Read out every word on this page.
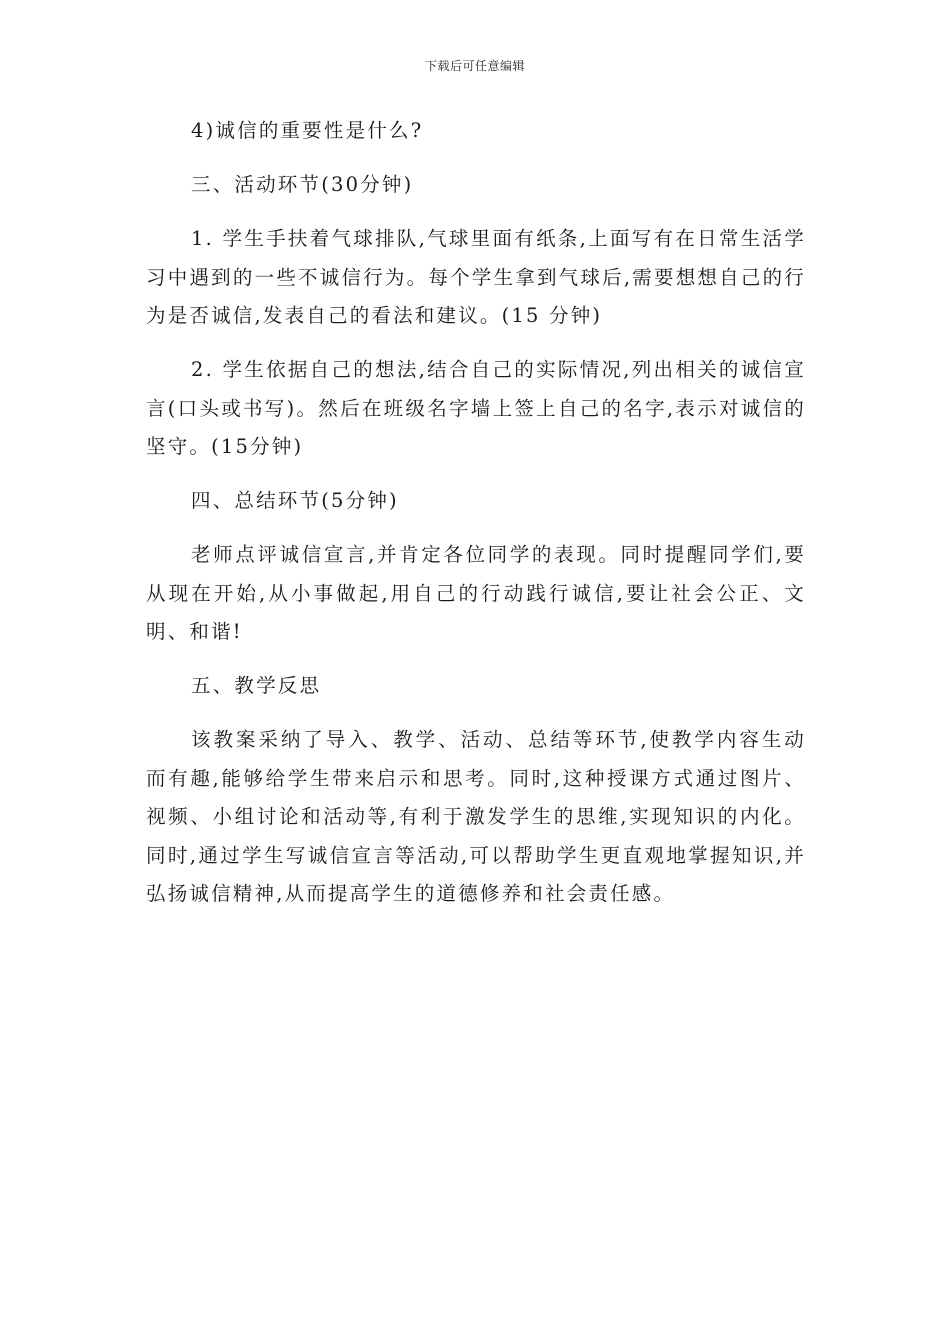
下载后可任意编辑

4)诚信的重要性是什么?

三、活动环节(30分钟)

1. 学生手扶着气球排队,气球里面有纸条,上面写有在日常生活学习中遇到的一些不诚信行为。每个学生拿到气球后,需要想想自己的行为是否诚信,发表自己的看法和建议。(15 分钟)

2. 学生依据自己的想法,结合自己的实际情况,列出相关的诚信宣言(口头或书写)。然后在班级名字墙上签上自己的名字,表示对诚信的坚守。(15分钟)

四、总结环节(5分钟)

老师点评诚信宣言,并肯定各位同学的表现。同时提醒同学们,要从现在开始,从小事做起,用自己的行动践行诚信,要让社会公正、文明、和谐!

五、教学反思

该教案采纳了导入、教学、活动、总结等环节,使教学内容生动而有趣,能够给学生带来启示和思考。同时,这种授课方式通过图片、视频、小组讨论和活动等,有利于激发学生的思维,实现知识的内化。同时,通过学生写诚信宣言等活动,可以帮助学生更直观地掌握知识,并弘扬诚信精神,从而提高学生的道德修养和社会责任感。
